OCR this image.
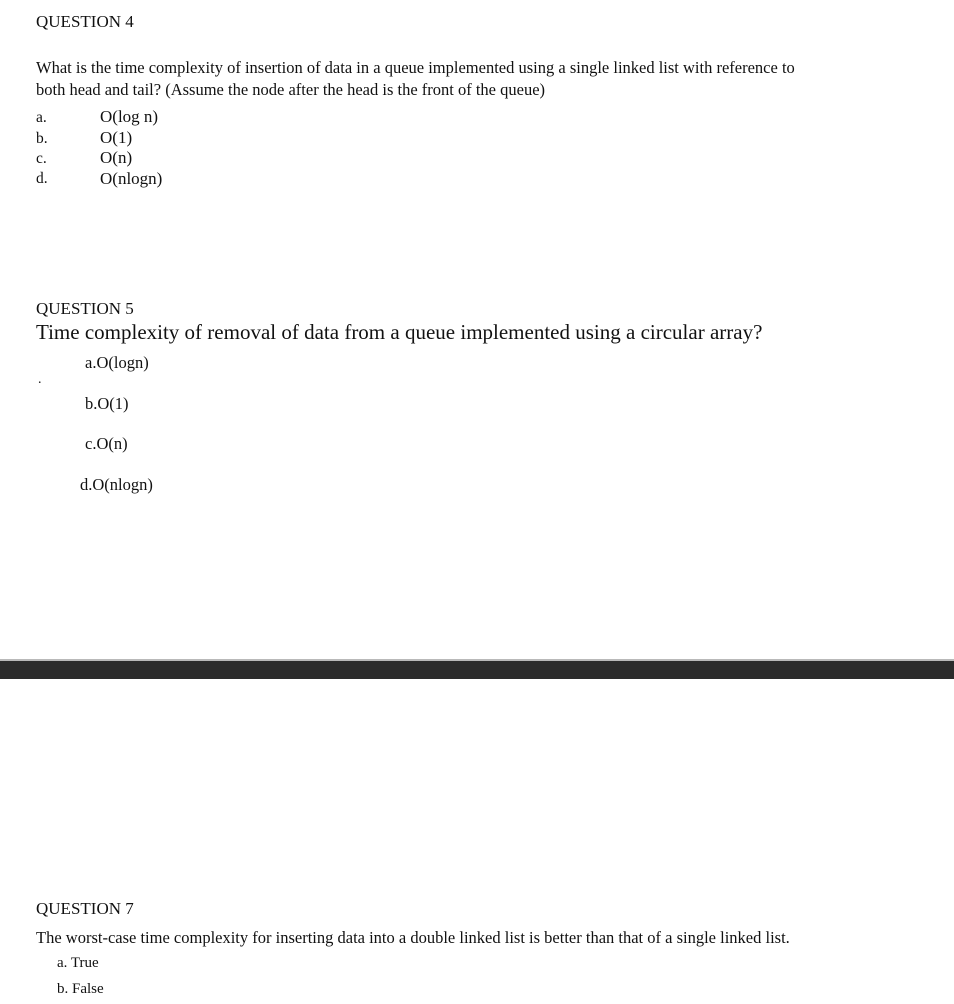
QUESTION 4
What is the time complexity of insertion of data in a queue implemented using a single linked list with reference to
both head and tail? (Assume the node after the head is the front of the queue)
a.	O(log n)
b.	O(1)
c.	O(n)
d.	O(nlogn)
QUESTION 5
Time complexity of removal of data from a queue implemented using a circular array?
.
a.O(logn)
b.O(1)
c.O(n)
d.O(nlogn)
QUESTION 7
The worst-case time complexity for inserting data into a double linked list is better than that of a single linked list.
a. True
b. False
